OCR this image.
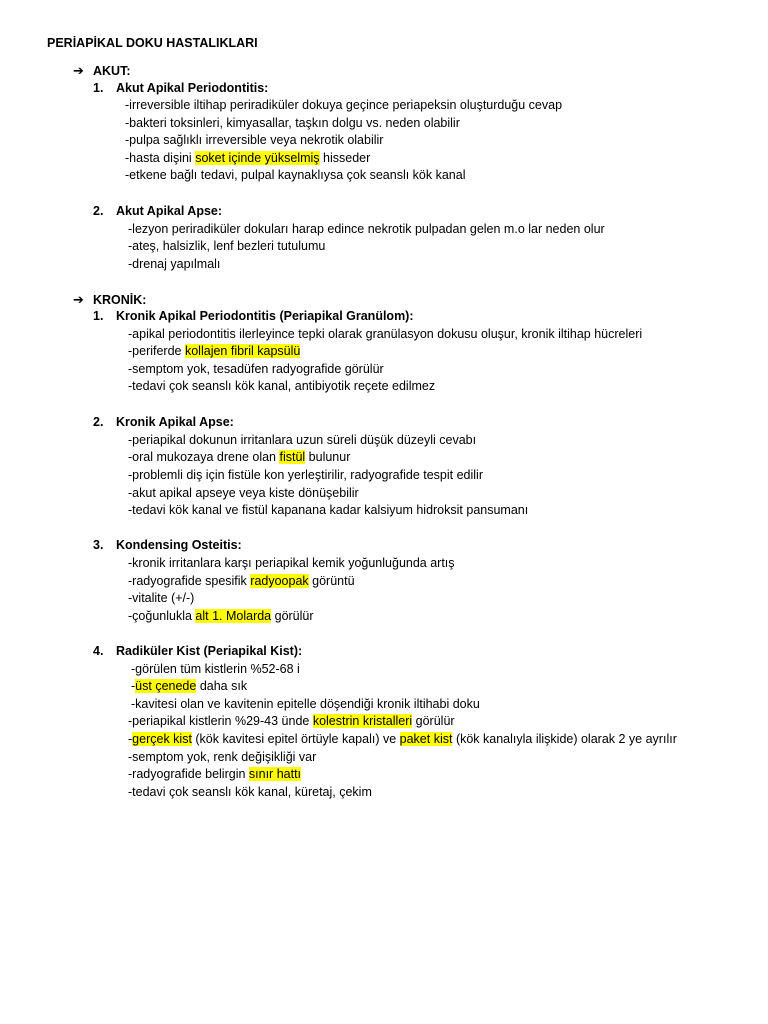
PERİAPİKAL DOKU HASTALIKLARI
➔ AKUT:
1. Akut Apikal Periodontitis:
-irreversible iltihap periradiküler dokuya geçince periapeksin oluşturduğu cevap
-bakteri toksinleri, kimyasallar, taşkın dolgu vs. neden olabilir
-pulpa sağlıklı irreversible veya nekrotik olabilir
-hasta dişini soket içinde yükselmiş hisseder
-etkene bağlı tedavi, pulpal kaynaklıysa çok seanslı kök kanal
2. Akut Apikal Apse:
-lezyon periradiküler dokuları harap edince nekrotik pulpadan gelen m.o lar neden olur
-ateş, halsizlik, lenf bezleri tutulumu
-drenaj yapılmalı
➔ KRONİK:
1. Kronik Apikal Periodontitis (Periapikal Granülom):
-apikal periodontitis ilerleyince tepki olarak granülasyon dokusu oluşur, kronik iltihap hücreleri
-periferde kollajen fibril kapsülü
-semptom yok, tesadüfen radyografide görülür
-tedavi çok seanslı kök kanal, antibiyotik reçete edilmez
2. Kronik Apikal Apse:
-periapikal dokunun irritanlara uzun süreli düşük düzeyli cevabı
-oral mukozaya drene olan fistül bulunur
-problemli diş için fistüle kon yerleştirilir, radyografide tespit edilir
-akut apikal apseye veya kiste dönüşebilir
-tedavi kök kanal ve fistül kapanana kadar kalsiyum hidroksit pansumanı
3. Kondensing Osteitis:
-kronik irritanlara karşı periapikal kemik yoğunluğunda artış
-radyografide spesifik radyoopak görüntü
-vitalite (+/-)
-çoğunlukla alt 1. Molarda görülür
4. Radiküler Kist (Periapikal Kist):
-görülen tüm kistlerin %52-68 i
-üst çenede daha sık
-kavitesi olan ve kavitenin epitelle döşendiği kronik iltihabi doku
-periapikal kistlerin %29-43 ünde kolestrin kristalleri görülür
-gerçek kist (kök kavitesi epitel örtüyle kapalı) ve paket kist (kök kanalıyla ilişkide) olarak 2 ye ayrılır
-semptom yok, renk değişikliği var
-radyografide belirgin sınır hattı
-tedavi çok seanslı kök kanal, küretaj, çekim
